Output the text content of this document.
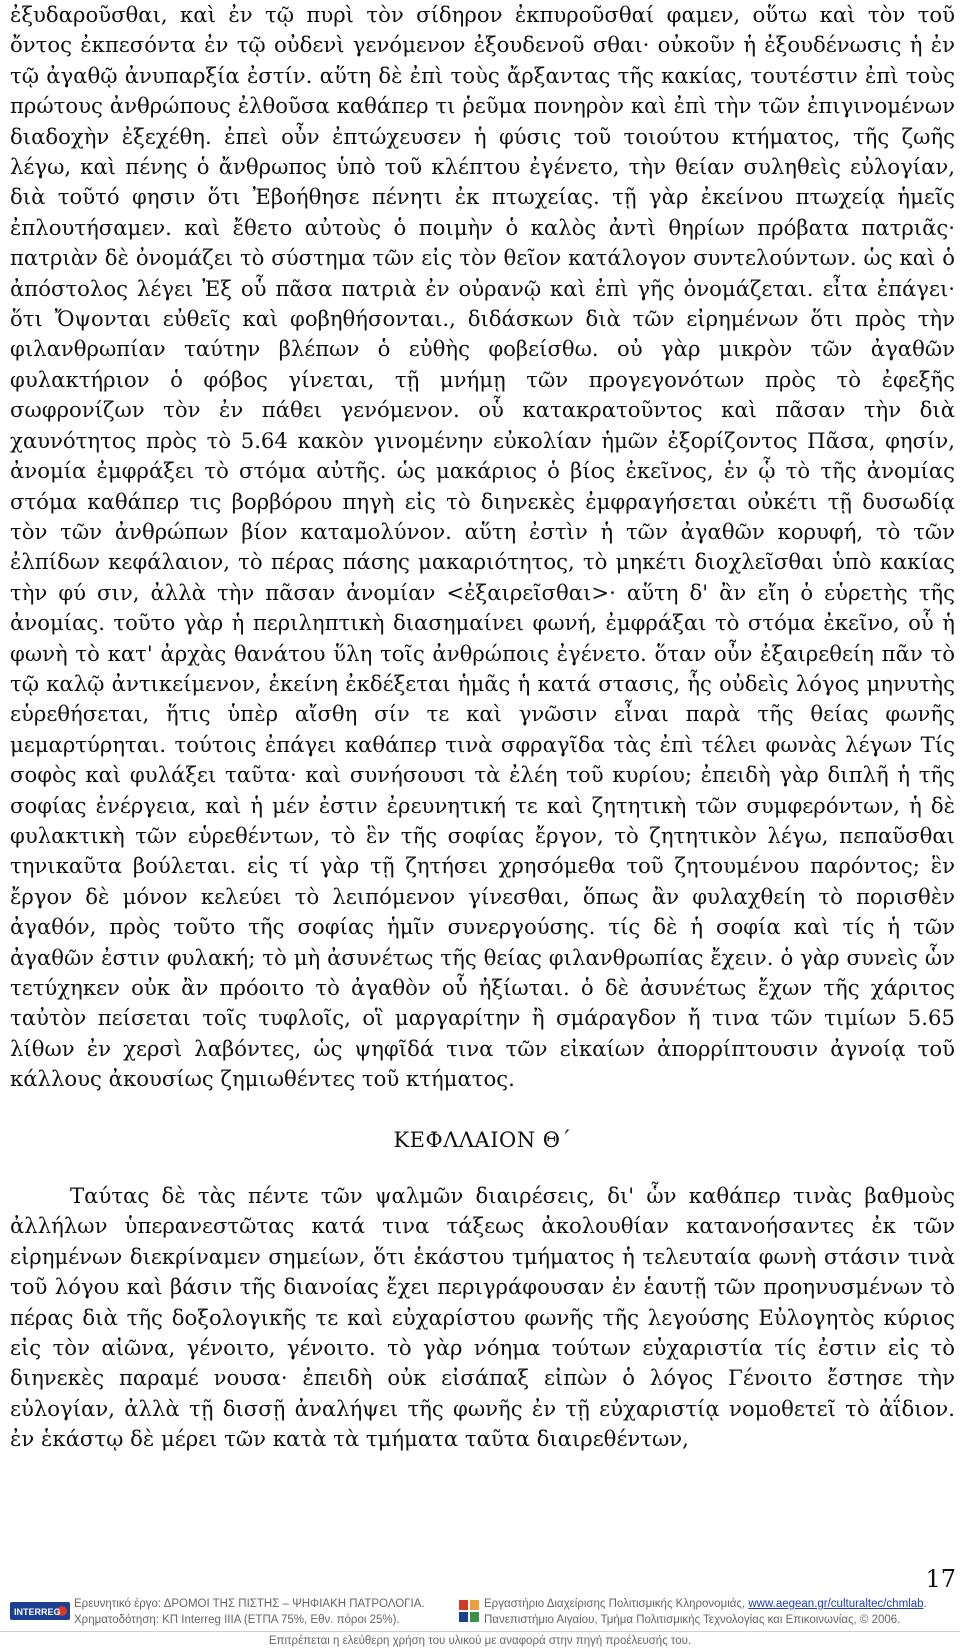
ἐξυδαροῦσθαι, καὶ ἐν τῷ πυρὶ τὸν σίδηρον ἐκπυροῦσθαί φαμεν, οὕτω καὶ τὸν τοῦ ὄντος ἐκπεσόντα ἐν τῷ οὐδενὶ γενόμενον ἐξουδενοῦ σθαι· οὐκοῦν ἡ ἐξουδένωσις ἡ ἐν τῷ ἀγαθῷ ἀνυπαρξία ἐστίν. αὕτη δὲ ἐπὶ τοὺς ἄρξαντας τῆς κακίας, τουτέστιν ἐπὶ τοὺς πρώτους ἀνθρώπους ἐλθοῦσα καθάπερ τι ῥεῦμα πονηρὸν καὶ ἐπὶ τὴν τῶν ἐπιγινομένων διαδοχὴν ἐξεχέθη. ἐπεὶ οὖν ἐπτώχευσεν ἡ φύσις τοῦ τοιούτου κτήματος, τῆς ζωῆς λέγω, καὶ πένης ὁ ἄνθρωπος ὑπὸ τοῦ κλέπτου ἐγένετο, τὴν θείαν συληθεὶς εὐλογίαν, διὰ τοῦτό φησιν ὅτι Ἐβοήθησε πένητι ἐκ πτωχείας. τῇ γὰρ ἐκείνου πτωχείᾳ ἡμεῖς ἐπλουτήσαμεν. καὶ ἔθετο αὐτοὺς ὁ ποιμὴν ὁ καλὸς ἀντὶ θηρίων πρόβατα πατριᾶς· πατριὰν δὲ ὀνομάζει τὸ σύστημα τῶν εἰς τὸν θεῖον κατάλογον συντελούντων. ὡς καὶ ὁ ἀπόστολος λέγει Ἐξ οὗ πᾶσα πατριὰ ἐν οὐρανῷ καὶ ἐπὶ γῆς ὀνομάζεται. εἶτα ἐπάγει· ὅτι Ὄψονται εὐθεῖς καὶ φοβηθήσονται., διδάσκων διὰ τῶν εἰρημένων ὅτι πρὸς τὴν φιλανθρωπίαν ταύτην βλέπων ὁ εὐθὴς φοβείσθω. οὐ γὰρ μικρὸν τῶν ἀγαθῶν φυλακτήριον ὁ φόβος γίνεται, τῇ μνήμῃ τῶν προγεγονότων πρὸς τὸ ἐφεξῆς σωφρονίζων τὸν ἐν πάθει γενόμενον. οὗ κατακρατοῦντος καὶ πᾶσαν τὴν διὰ χαυνότητος πρὸς τὸ 5.64 κακὸν γινομένην εὐκολίαν ἡμῶν ἐξορίζοντος Πᾶσα, φησίν, ἀνομία ἐμφράξει τὸ στόμα αὐτῆς. ὡς μακάριος ὁ βίος ἐκεῖνος, ἐν ᾧ τὸ τῆς ἀνομίας στόμα καθάπερ τις βορβόρου πηγὴ εἰς τὸ διηνεκὲς ἐμφραγήσεται οὐκέτι τῇ δυσωδίᾳ τὸν τῶν ἀνθρώπων βίον καταμολύνον. αὕτη ἐστὶν ἡ τῶν ἀγαθῶν κορυφή, τὸ τῶν ἐλπίδων κεφάλαιον, τὸ πέρας πάσης μακαριότητος, τὸ μηκέτι διοχλεῖσθαι ὑπὸ κακίας τὴν φύ σιν, ἀλλὰ τὴν πᾶσαν ἀνομίαν <ἐξαιρεῖσθαι>· αὕτη δ' ἂν εἴη ὁ εὑρετὴς τῆς ἀνομίας. τοῦτο γὰρ ἡ περιληπτικὴ διασημαίνει φωνή, ἐμφράξαι τὸ στόμα ἐκεῖνο, οὗ ἡ φωνὴ τὸ κατ' ἀρχὰς θανάτου ὕλη τοῖς ἀνθρώποις ἐγένετο. ὅταν οὖν ἐξαιρεθείη πᾶν τὸ τῷ καλῷ ἀντικείμενον, ἐκείνη ἐκδέξεται ἡμᾶς ἡ κατά στασις, ἧς οὐδεὶς λόγος μηνυτὴς εὑρεθήσεται, ἥτις ὑπὲρ αἴσθη σίν τε καὶ γνῶσιν εἶναι παρὰ τῆς θείας φωνῆς μεμαρτύρηται. τούτοις ἐπάγει καθάπερ τινὰ σφραγῖδα τὰς ἐπὶ τέλει φωνὰς λέγων Τίς σοφὸς καὶ φυλάξει ταῦτα· καὶ συνήσουσι τὰ ἐλέη τοῦ κυρίου; ἐπειδὴ γὰρ διπλῆ ἡ τῆς σοφίας ἐνέργεια, καὶ ἡ μέν ἐστιν ἐρευνητική τε καὶ ζητητικὴ τῶν συμφερόντων, ἡ δὲ φυλακτικὴ τῶν εὑρεθέντων, τὸ ἓν τῆς σοφίας ἔργον, τὸ ζητητικὸν λέγω, πεπαῦσθαι τηνικαῦτα βούλεται. εἰς τί γὰρ τῇ ζητήσει χρησόμεθα τοῦ ζητουμένου παρόντος; ἓν ἔργον δὲ μόνον κελεύει τὸ λειπόμενον γίνεσθαι, ὅπως ἂν φυλαχθείη τὸ πορισθὲν ἀγαθόν, πρὸς τοῦτο τῆς σοφίας ἡμῖν συνεργούσης. τίς δὲ ἡ σοφία καὶ τίς ἡ τῶν ἀγαθῶν ἐστιν φυλακή; τὸ μὴ ἀσυνέτως τῆς θείας φιλανθρωπίας ἔχειν. ὁ γὰρ συνεὶς ὧν τετύχηκεν οὐκ ἂν πρόοιτο τὸ ἀγαθὸν οὗ ἠξίωται. ὁ δὲ ἀσυνέτως ἔχων τῆς χάριτος ταὐτὸν πείσεται τοῖς τυφλοῖς, οἳ μαργαρίτην ἢ σμάραγδον ἤ τινα τῶν τιμίων 5.65 λίθων ἐν χερσὶ λαβόντες, ὡς ψηφῖδά τινα τῶν εἰκαίων ἀπορρίπτουσιν ἀγνοίᾳ τοῦ κάλλους ἀκουσίως ζημιωθέντες τοῦ κτήματος.

ΚΕΦΛΛΑΙΟΝ Θ΄

Ταύτας δὲ τὰς πέντε τῶν ψαλμῶν διαιρέσεις, δι' ὧν καθάπερ τινὰς βαθμοὺς ἀλλήλων ὑπερανεστῶτας κατά τινα τάξεως ἀκολουθίαν κατανοήσαντες ἐκ τῶν εἰρημένων διεκρίναμεν σημείων, ὅτι ἑκάστου τμήματος ἡ τελευταία φωνὴ στάσιν τινὰ τοῦ λόγου καὶ βάσιν τῆς διανοίας ἔχει περιγράφουσαν ἐν ἑαυτῇ τῶν προηνυσμένων τὸ πέρας διὰ τῆς δοξολογικῆς τε καὶ εὐχαρίστου φωνῆς τῆς λεγούσης Εὐλογητὸς κύριος εἰς τὸν αἰῶνα, γένοιτο, γένοιτο. τὸ γὰρ νόημα τούτων εὐχαριστία τίς ἐστιν εἰς τὸ διηνεκὲς παραμέ νουσα· ἐπειδὴ οὐκ εἰσάπαξ εἰπὼν ὁ λόγος Γένοιτο ἔστησε τὴν εὐλογίαν, ἀλλὰ τῇ δισσῇ ἀναλήψει τῆς φωνῆς ἐν τῇ εὐχαριστίᾳ νομοθετεῖ τὸ ἀΐδιον. ἐν ἑκάστῳ δὲ μέρει τῶν κατὰ τὰ τμήματα ταῦτα διαιρεθέντων,

17
INTERREG
Ερευνητικό έργο: ΔΡΟΜΟΙ ΤΗΣ ΠΙΣΤΗΣ – ΨΗΦΙΑΚΗ ΠΑΤΡΟΛΟΓΙΑ.
Χρηματοδότηση: ΚΠ Interreg IIIA (ΕΤΠΑ 75%, Εθν. πόροι 25%).
Εργαστήριο Διαχείρισης Πολιτισμικής Κληρονομιάς, www.aegean.gr/culturaltec/chmlab.
Πανεπιστήμιο Αιγαίου, Τμήμα Πολιτισμικής Τεχνολογίας και Επικοινωνίας, © 2006.
Επιτρέπεται η ελεύθερη χρήση του υλικού με αναφορά στην πηγή προέλευσής του.
